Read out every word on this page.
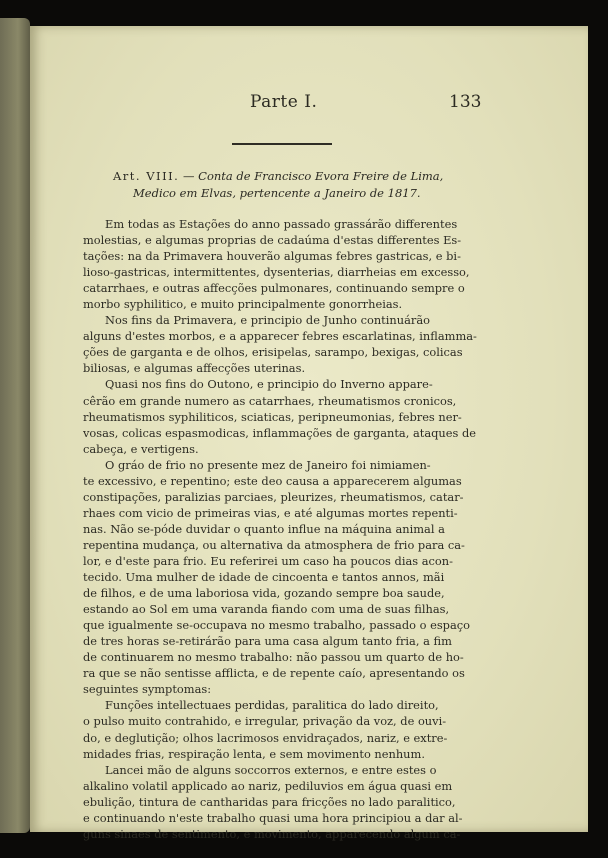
Parte I.	133
Art. VIII. — Conta de Francisco Evora Freire de Lima,
Medico em Elvas, pertencente a Janeiro de 1817.
Em todas as Estações do anno passado grassárão differentes
molestias, e algumas proprias de cadaúma d'estas differentes Es-
tações: na da Primavera houverão algumas febres gastricas, e bi-
lioso-gastricas, intermittentes, dysenterias, diarrheias em excesso,
catarrhaes, e outras affecções pulmonares, continuando sempre o
morbo syphilitico, e muito principalmente gonorrheias.
Nos fins da Primavera, e principio de Junho continuárão
alguns d'estes morbos, e a apparecer febres escarlatinas, inflamma-
ções de garganta e de olhos, erisipelas, sarampo, bexigas, colicas
biliosas, e algumas affecções uterinas.
Quasi nos fins do Outono, e principio do Inverno appare-
cêrão em grande numero as catarrhaes, rheumatismos cronicos,
rheumatismos syphiliticos, sciaticas, peripneumonias, febres ner-
vosas, colicas espasmodicas, inflammações de garganta, ataques de
cabeça, e vertigens.
O gráo de frio no presente mez de Janeiro foi nimiamen-
te excessivo, e repentino; este deo causa a apparecerem algumas
constipações, paralizias parciaes, pleurizes, rheumatismos, catar-
rhaes com vicio de primeiras vias, e até algumas mortes repenti-
nas. Não se-póde duvidar o quanto influe na máquina animal a
repentina mudança, ou alternativa da atmosphera de frio para ca-
lor, e d'este para frio. Eu referirei um caso ha poucos dias acon-
tecido. Uma mulher de idade de cincoenta e tantos annos, mãi
de filhos, e de uma laboriosa vida, gozando sempre boa saude,
estando ao Sol em uma varanda fiando com uma de suas filhas,
que igualmente se-occupava no mesmo trabalho, passado o espaço
de tres horas se-retirárão para uma casa algum tanto fria, a fim
de continuarem no mesmo trabalho: não passou um quarto de ho-
ra que se não sentisse afflicta, e de repente caío, apresentando os
seguintes symptomas:
Funções intellectuaes perdidas, paralitica do lado direito,
o pulso muito contrahido, e irregular, privação da voz, de ouvi-
do, e deglutição; olhos lacrimosos envidraçados, nariz, e extre-
midades frias, respiração lenta, e sem movimento nenhum.
Lancei mão de alguns soccorros externos, e entre estes o
alkalino volatil applicado ao nariz, pediluvios em água quasi em
ebulição, tintura de cantharidas para fricções no lado paralitico,
e continuando n'este trabalho quasi uma hora principiou a dar al-
guns sinaes de sentimento, e movimento, apparecendo algum ca-
